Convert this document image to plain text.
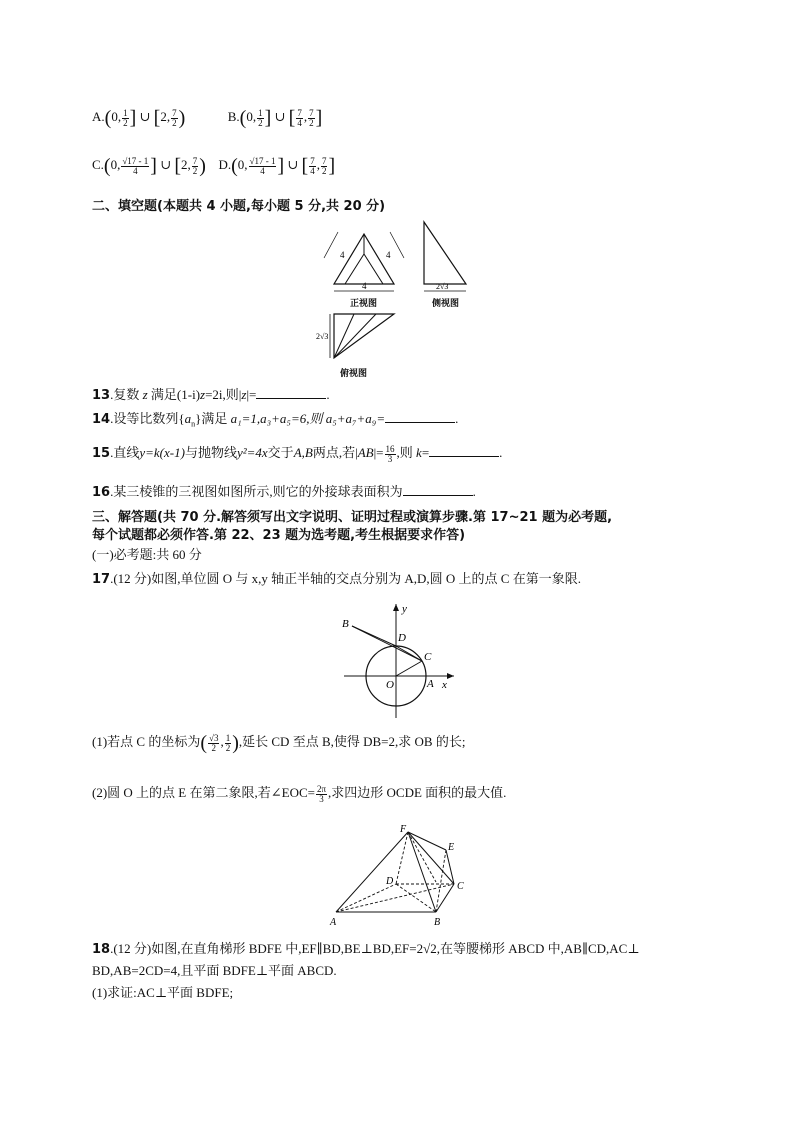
A.(0, $\frac{1}{2}$ ] ∪ [2, $\frac{7}{2}$ )	B.(0, $\frac{1}{2}$ ] ∪ [ $\frac{7}{4}$ , $\frac{7}{2}$ ]
C.(0, $\frac{√17 - 1}{4}$ ] ∪ [2, $\frac{7}{2}$ ) D.(0, $\frac{√17 - 1}{4}$ ] ∪ [ $\frac{7}{4}$ , $\frac{7}{2}$ ]
二、填空题(本题共 4 小题,每小题 5 分,共 20 分)
4	4
4	2√3
2√3
正视图	侧视图
俯视图
13.复数 z 满足(1-i)z=2i,则|z|=	.
14.设等比数列$\{a_n\}$满足 a₁=1,a₃+a₅=6,则 a₅+a₇+a₉=	.
15.直线y=k(x-1)与抛物线y²=4x交于A,B两点,若$|AB|= \frac{16}{3}$ ,则 k=	.
16.某三棱锥的三视图如图所示,则它的外接球表面积为	.
三、解答题(共 70 分.解答须写出文字说明、证明过程或演算步骤.第 17~21 题为必考题,
每个试题都必须作答.第 22、23 题为选考题,考生根据要求作答)
(一)必考题:共 60 分
17.(12 分)如图,单位圆 O 与 x,y 轴正半轴的交点分别为 A,D,圆 O 上的点 C 在第一象限.
B
D
C
O	A x
y
(1)若点 C 的坐标为( $\frac{√3}{2}$ , $\frac{1}{2}$ ),延长 CD 至点 B,使得 DB=2,求 OB 的长;
(2)圆 O 上的点 E 在第二象限,若∠EOC= $\frac{2\pi}{3}$ ,求四边形 OCDE 面积的最大值.
F
E
D	C
A	B
18.(12 分)如图,在直角梯形 BDFE 中,EF∥BD,BE⊥BD,EF=2√2,在等腰梯形 ABCD 中,AB∥CD,AC⊥
BD,AB=2CD=4,且平面 BDFE⊥平面 ABCD.
(1)求证:AC⊥平面 BDFE;
